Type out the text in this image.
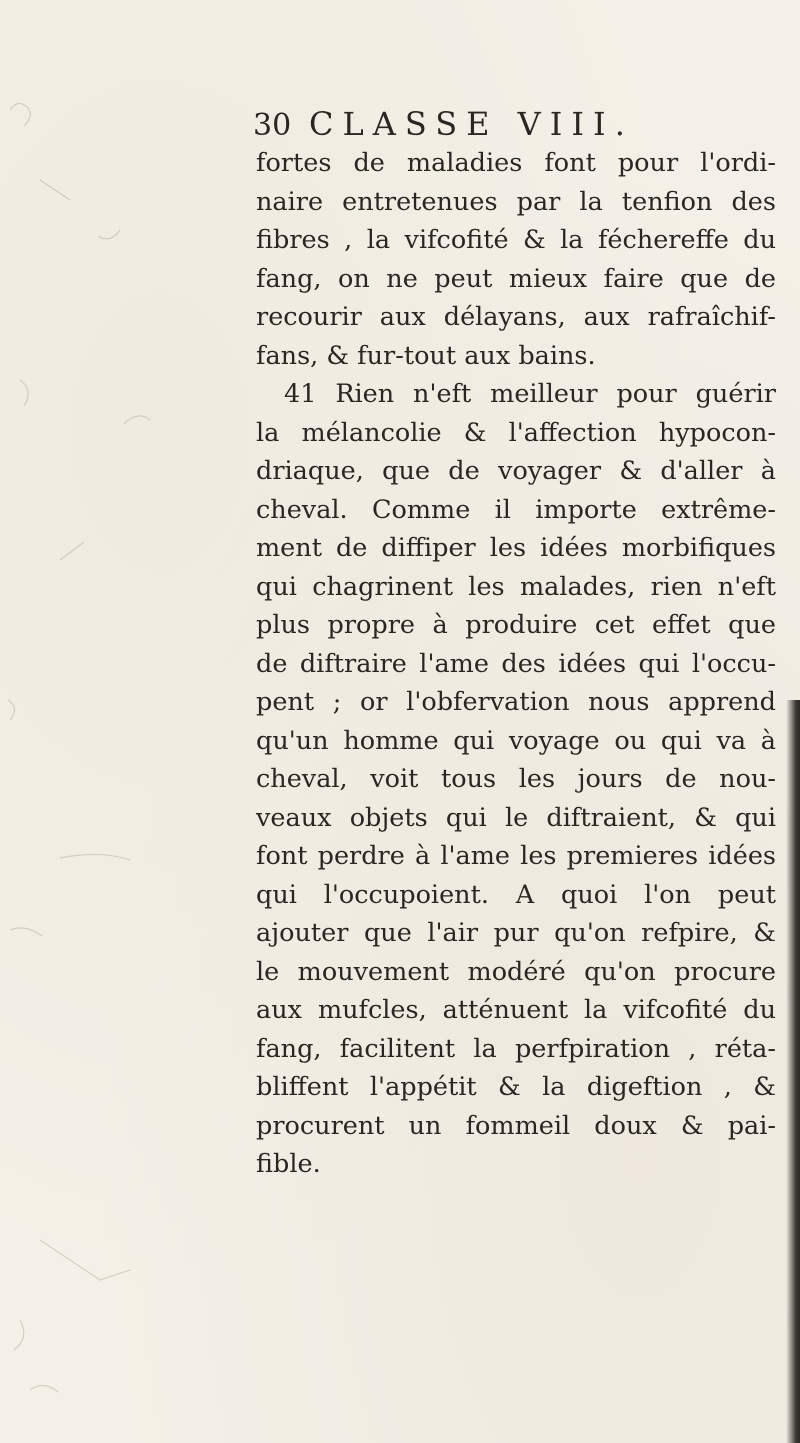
30 CLASSE VIII.
fortes de maladies font pour l'ordi-
naire entretenues par la tenfion des
fibres , la vifcofité & la féchereffe du
fang, on ne peut mieux faire que de
recourir aux délayans, aux rafraîchif-
fans, & fur-tout aux bains.
41 Rien n'eft meilleur pour guérir
la mélancolie & l'affection hypocon-
driaque, que de voyager & d'aller à
cheval. Comme il importe extrême-
ment de diffiper les idées morbifiques
qui chagrinent les malades, rien n'eft
plus propre à produire cet effet que
de diftraire l'ame des idées qui l'occu-
pent ; or l'obfervation nous apprend
qu'un homme qui voyage ou qui va à
cheval, voit tous les jours de nou-
veaux objets qui le diftraient, & qui
font perdre à l'ame les premieres idées
qui l'occupoient. A quoi l'on peut
ajouter que l'air pur qu'on refpire, &
le mouvement modéré qu'on procure
aux mufcles, atténuent la vifcofité du
fang, facilitent la perfpiration , réta-
bliffent l'appétit & la digeftion , &
procurent un fommeil doux & pai-
fible.
